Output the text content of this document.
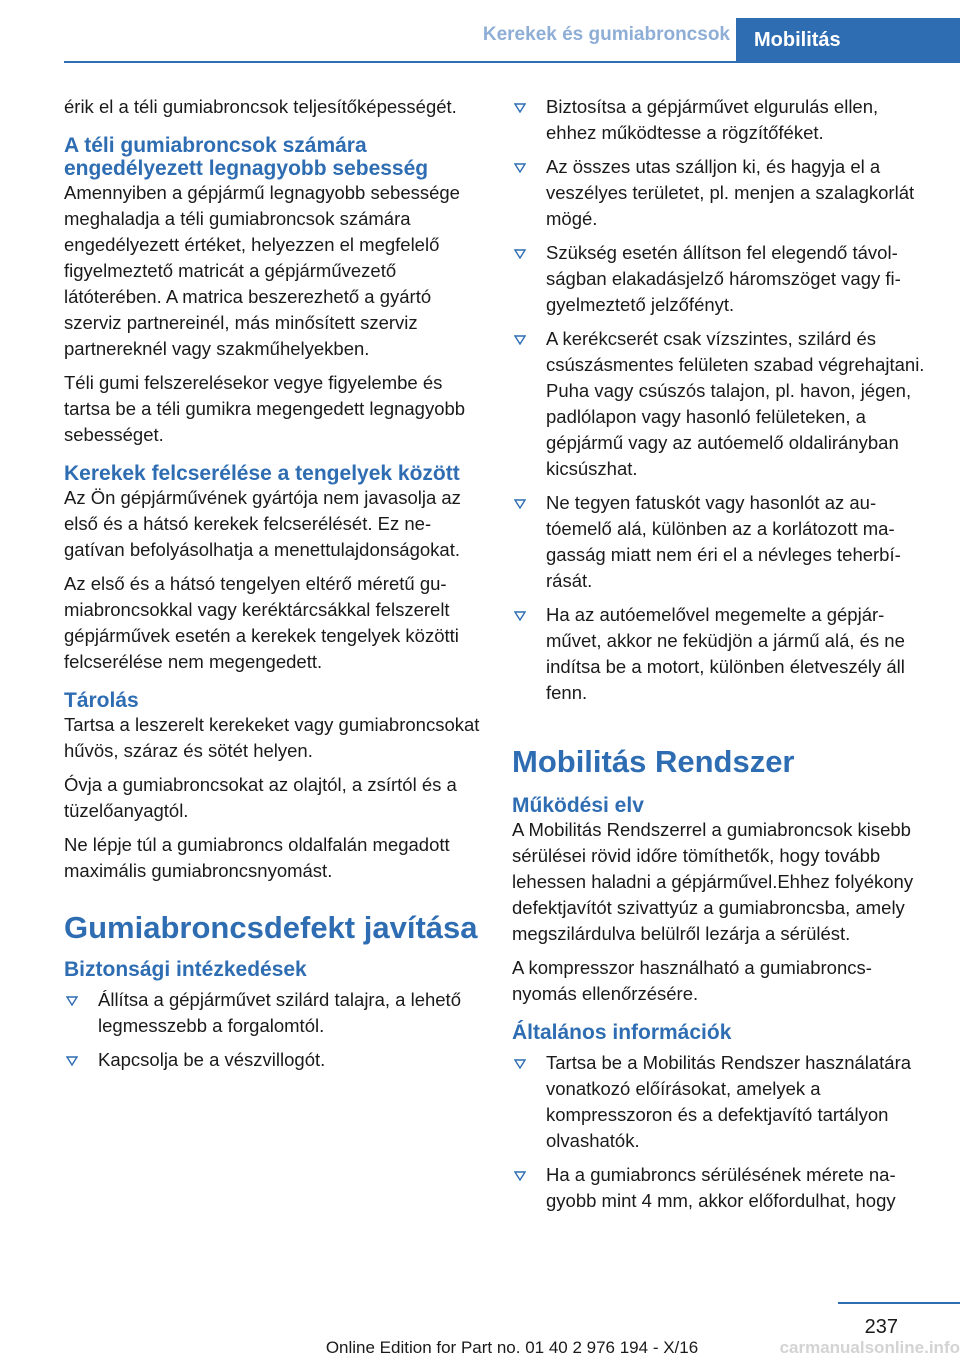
Kerekek és gumiabroncsok	Mobilitás

érik el a téli gumiabroncsok teljesítőképességét.

A téli gumiabroncsok számára engedélyezett legnagyobb sebesség

Amennyiben a gépjármű legnagyobb sebessége meghaladja a téli gumiabroncsok számára engedélyezett értéket, helyezzen el megfelelő figyelmeztető matricát a gépjárművezető látóterében. A matrica beszerezhető a gyártó szerviz partnereinél, más minősített szerviz partnereknél vagy szakműhelyekben.

Téli gumi felszerelésekor vegye figyelembe és tartsa be a téli gumikra megengedett legnagyobb sebességet.

Kerekek felcserélése a tengelyek között

Az Ön gépjárművének gyártója nem javasolja az első és a hátsó kerekek felcserélését. Ez negatívan befolyásolhatja a menettulajdonságokat.

Az első és a hátsó tengelyen eltérő méretű gumiabroncsokkal vagy keréktárcsákkal felszerelt gépjárművek esetén a kerekek tengelyek közötti felcserélése nem megengedett.

Tárolás

Tartsa a leszerelt kerekeket vagy gumiabroncsokat hűvös, száraz és sötét helyen.

Óvja a gumiabroncsokat az olajtól, a zsírtól és a tüzelőanyagtól.

Ne lépje túl a gumiabroncs oldalfalán megadott maximális gumiabroncsnyomást.

Gumiabroncsdefekt javítása
Biztonsági intézkedések
Állítsa a gépjárművet szilárd talajra, a lehető legmesszebb a forgalomtól.
Kapcsolja be a vészvillogót.
Biztosítsa a gépjárművet elgurulás ellen, ehhez működtesse a rögzítőféket.
Az összes utas szálljon ki, és hagyja el a veszélyes területet, pl. menjen a szalagkorlát mögé.
Szükség esetén állítson fel elegendő távolságban elakadásjelző háromszöget vagy figyelmeztető jelzőfényt.
A kerékcserét csak vízszintes, szilárd és csúszásmentes felületen szabad végrehajtani. Puha vagy csúszós talajon, pl. havon, jégen, padlólapon vagy hasonló felületeken, a gépjármű vagy az autóemelő oldalirányban kicsúszhat.
Ne tegyen fatuskót vagy hasonlót az autóemelő alá, különben az a korlátozott magasság miatt nem éri el a névleges teherbírását.
Ha az autóemelővel megemelte a gépjárművet, akkor ne feküdjön a jármű alá, és ne indítsa be a motort, különben életveszély áll fenn.
Mobilitás Rendszer
Működési elv

A Mobilitás Rendszerrel a gumiabroncsok kisebb sérülései rövid időre tömíthetők, hogy tovább lehessen haladni a gépjárművel.Ehhez folyékony defektjavítót szivattyúz a gumiabroncsba, amely megszilárdulva belülről lezárja a sérülést.

A kompresszor használható a gumiabroncsnyomás ellenőrzésére.

Általános információk
Tartsa be a Mobilitás Rendszer használatára vonatkozó előírásokat, amelyek a kompresszoron és a defektjavító tartályon olvashatók.
Ha a gumiabroncs sérülésének mérete nagyobb mint 4 mm, akkor előfordulhat, hogy
237
Online Edition for Part no. 01 40 2 976 194 - X/16	carmanualsonline.info
